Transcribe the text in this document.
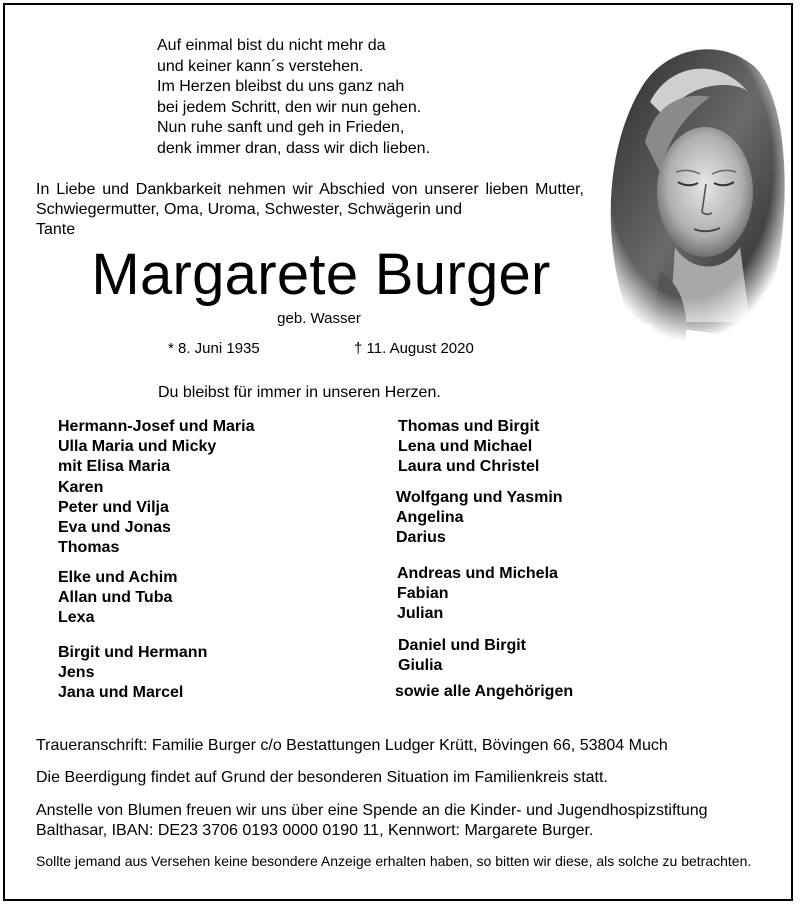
Auf einmal bist du nicht mehr da
und keiner kann´s verstehen.
Im Herzen bleibst du uns ganz nah
bei jedem Schritt, den wir nun gehen.
Nun ruhe sanft und geh in Frieden,
denk immer dran, dass wir dich lieben.
In Liebe und Dankbarkeit nehmen wir Abschied von unserer lieben Mutter, Schwiegermutter, Oma, Uroma, Schwester, Schwägerin und
Tante
Margarete Burger
geb. Wasser
* 8. Juni 1935	† 11. August 2020
Du bleibst für immer in unseren Herzen.
Hermann-Josef und Maria
Ulla Maria und Micky
mit Elisa Maria
Karen
Peter und Vilja
Eva und Jonas
Thomas
Elke und Achim
Allan und Tuba
Lexa
Birgit und Hermann
Jens
Jana und Marcel
Thomas und Birgit
Lena und Michael
Laura und Christel
Wolfgang und Yasmin
Angelina
Darius
Andreas und Michela
Fabian
Julian
Daniel und Birgit
Giulia
sowie alle Angehörigen
Traueranschrift: Familie Burger c/o Bestattungen Ludger Krütt, Bövingen 66, 53804 Much
Die Beerdigung findet auf Grund der besonderen Situation im Familienkreis statt.
Anstelle von Blumen freuen wir uns über eine Spende an die Kinder- und Jugendhospizstiftung
Balthasar, IBAN: DE23 3706 0193 0000 0190 11, Kennwort: Margarete Burger.
Sollte jemand aus Versehen keine besondere Anzeige erhalten haben, so bitten wir diese, als solche zu betrachten.
